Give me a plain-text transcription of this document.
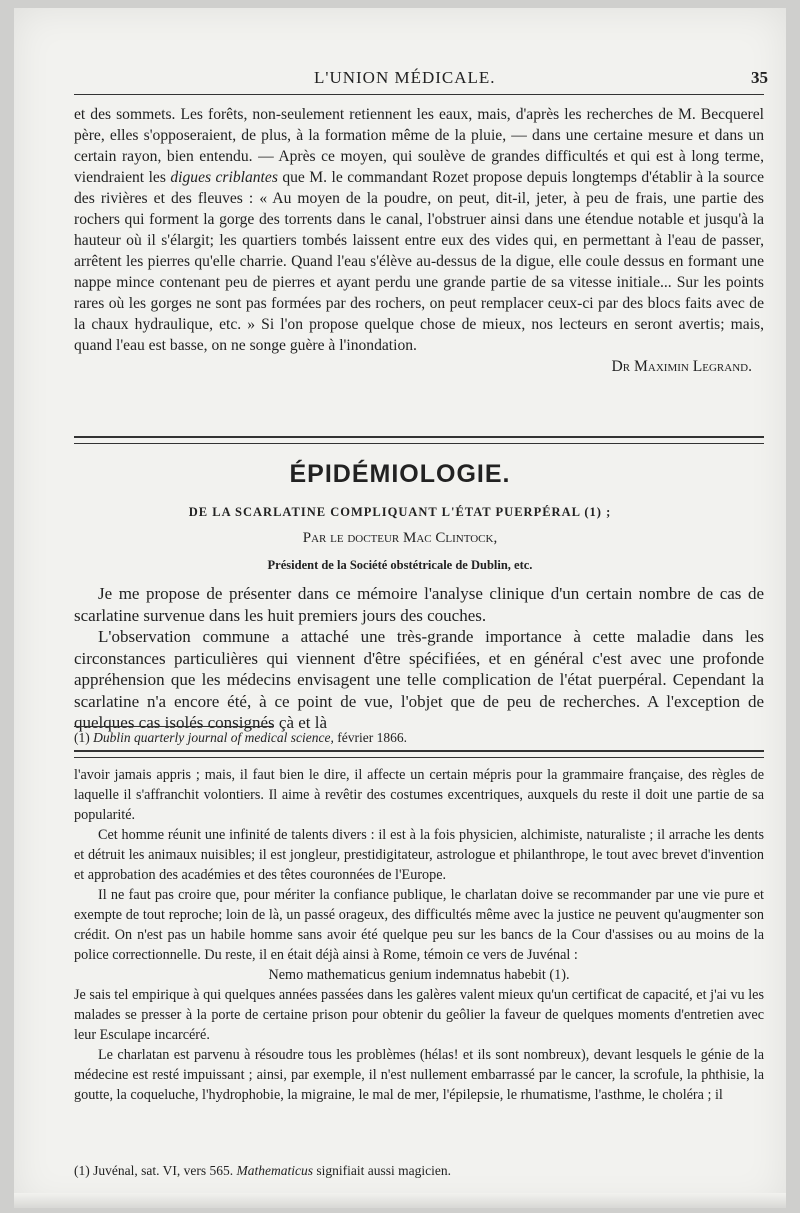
L'UNION MÉDICALE.	35

et des sommets. Les forêts, non-seulement retiennent les eaux, mais, d'après les recherches de M. Becquerel père, elles s'opposeraient, de plus, à la formation même de la pluie, — dans une certaine mesure et dans un certain rayon, bien entendu. — Après ce moyen, qui soulève de grandes difficultés et qui est à long terme, viendraient les digues criblantes que M. le commandant Rozet propose depuis longtemps d'établir à la source des rivières et des fleuves : « Au moyen de la poudre, on peut, dit-il, jeter, à peu de frais, une partie des rochers qui forment la gorge des torrents dans le canal, l'obstruer ainsi dans une étendue notable et jusqu'à la hauteur où il s'élargit; les quartiers tombés laissent entre eux des vides qui, en permettant à l'eau de passer, arrêtent les pierres qu'elle charrie. Quand l'eau s'élève au-dessus de la digue, elle coule dessus en formant une nappe mince contenant peu de pierres et ayant perdu une grande partie de sa vitesse initiale... Sur les points rares où les gorges ne sont pas formées par des rochers, on peut remplacer ceux-ci par des blocs faits avec de la chaux hydraulique, etc. » Si l'on propose quelque chose de mieux, nos lecteurs en seront avertis; mais, quand l'eau est basse, on ne songe guère à l'inondation.

Dr Maximin Legrand.

ÉPIDÉMIOLOGIE.
DE LA SCARLATINE COMPLIQUANT L'ÉTAT PUERPÉRAL (1) ;
Par le docteur Mac Clintock,
Président de la Société obstétricale de Dublin, etc.

Je me propose de présenter dans ce mémoire l'analyse clinique d'un certain nombre de cas de scarlatine survenue dans les huit premiers jours des couches.

L'observation commune a attaché une très-grande importance à cette maladie dans les circonstances particulières qui viennent d'être spécifiées, et en général c'est avec une profonde appréhension que les médecins envisagent une telle complication de l'état puerpéral. Cependant la scarlatine n'a encore été, à ce point de vue, l'objet que de peu de recherches. A l'exception de quelques cas isolés consignés çà et là

(1) Dublin quarterly journal of medical science, février 1866.

l'avoir jamais appris ; mais, il faut bien le dire, il affecte un certain mépris pour la grammaire française, des règles de laquelle il s'affranchit volontiers. Il aime à revêtir des costumes excentriques, auxquels du reste il doit une partie de sa popularité.

Cet homme réunit une infinité de talents divers : il est à la fois physicien, alchimiste, naturaliste ; il arrache les dents et détruit les animaux nuisibles; il est jongleur, prestidigitateur, astrologue et philanthrope, le tout avec brevet d'invention et approbation des académies et des têtes couronnées de l'Europe.

Il ne faut pas croire que, pour mériter la confiance publique, le charlatan doive se recommander par une vie pure et exempte de tout reproche; loin de là, un passé orageux, des difficultés même avec la justice ne peuvent qu'augmenter son crédit. On n'est pas un habile homme sans avoir été quelque peu sur les bancs de la Cour d'assises ou au moins de la police correctionnelle. Du reste, il en était déjà ainsi à Rome, témoin ce vers de Juvénal :

Nemo mathematicus genium indemnatus habebit (1).

Je sais tel empirique à qui quelques années passées dans les galères valent mieux qu'un certificat de capacité, et j'ai vu les malades se presser à la porte de certaine prison pour obtenir du geôlier la faveur de quelques moments d'entretien avec leur Esculape incarcéré.

Le charlatan est parvenu à résoudre tous les problèmes (hélas! et ils sont nombreux), devant lesquels le génie de la médecine est resté impuissant ; ainsi, par exemple, il n'est nullement embarrassé par le cancer, la scrofule, la phthisie, la goutte, la coqueluche, l'hydrophobie, la migraine, le mal de mer, l'épilepsie, le rhumatisme, l'asthme, le choléra ; il

(1) Juvénal, sat. VI, vers 565. Mathematicus signifiait aussi magicien.
